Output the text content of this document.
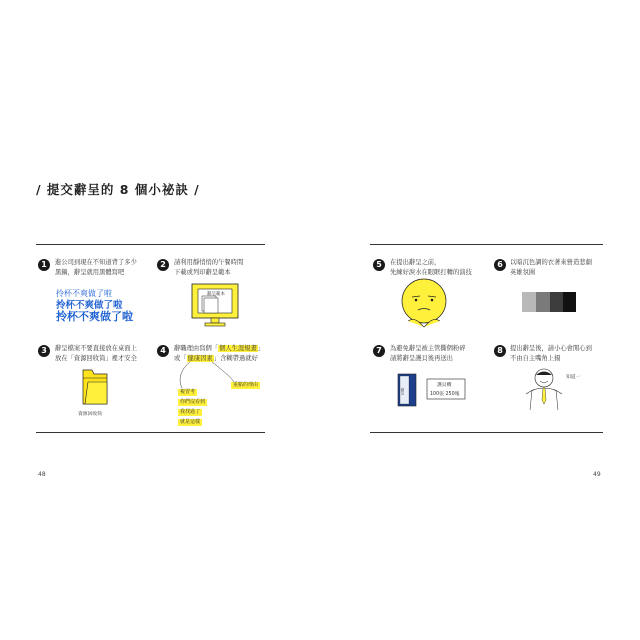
/ 提交辭呈的 8 個小祕訣 /
1	進公司到現在不知道背了多少
黑鍋，辭呈就用黑體寫吧
拎杯不爽做了啦
拎杯不爽做了啦
拎杯不爽做了啦
2	請利用靜悄悄的午餐時間
下載或列印辭呈範本
辭呈範本
3	辭呈檔案不要直接放在桌面上
放在「資源回收筒」裡才安全
資源回收筒
4	辭職理由寫個「個人生涯規畫」
或「健康因素」含糊帶過就好
重點的理由
複習考
你們沒看到
我找過了
就是這樣
48
5	在提出辭呈之前，
先練好淚水在眼眶打轉的演技
6	以暗沉色調的衣著來營造悲劇
英雄氛圍
7	為避免辭呈被主管撕個粉碎
請將辭呈護貝後再送出
辭呈
護貝機
100張 250塊
8	提出辭呈後，請小心會閒心到
不由自主嘴角上揚
知道一
49
